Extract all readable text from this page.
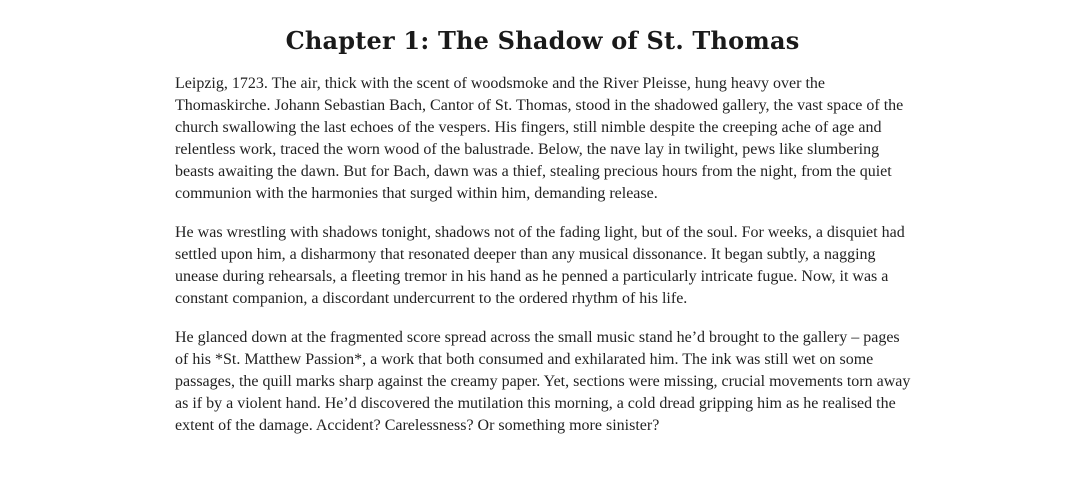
Chapter 1: The Shadow of St. Thomas

Leipzig, 1723. The air, thick with the scent of woodsmoke and the River Pleisse, hung heavy over the Thomaskirche. Johann Sebastian Bach, Cantor of St. Thomas, stood in the shadowed gallery, the vast space of the church swallowing the last echoes of the vespers. His fingers, still nimble despite the creeping ache of age and relentless work, traced the worn wood of the balustrade. Below, the nave lay in twilight, pews like slumbering beasts awaiting the dawn. But for Bach, dawn was a thief, stealing precious hours from the night, from the quiet communion with the harmonies that surged within him, demanding release.

He was wrestling with shadows tonight, shadows not of the fading light, but of the soul. For weeks, a disquiet had settled upon him, a disharmony that resonated deeper than any musical dissonance. It began subtly, a nagging unease during rehearsals, a fleeting tremor in his hand as he penned a particularly intricate fugue. Now, it was a constant companion, a discordant undercurrent to the ordered rhythm of his life.

He glanced down at the fragmented score spread across the small music stand he’d brought to the gallery – pages of his *St. Matthew Passion*, a work that both consumed and exhilarated him. The ink was still wet on some passages, the quill marks sharp against the creamy paper. Yet, sections were missing, crucial movements torn away as if by a violent hand. He’d discovered the mutilation this morning, a cold dread gripping him as he realised the extent of the damage. Accident? Carelessness? Or something more sinister?
